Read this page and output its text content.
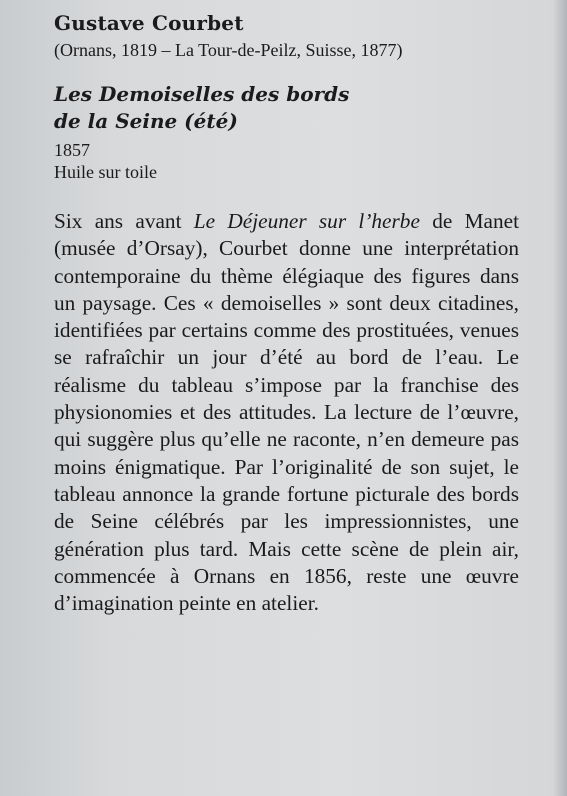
Gustave Courbet

(Ornans, 1819 – La Tour-de-Peilz, Suisse, 1877)

Les Demoiselles des bords
de la Seine (été)

1857

Huile sur toile

Six ans avant Le Déjeuner sur l’herbe de Manet (musée d’Orsay), Courbet donne une interprétation contemporaine du thème élégiaque des figures dans un paysage. Ces « demoiselles » sont deux citadines, identifiées par certains comme des prostituées, venues se rafraîchir un jour d’été au bord de l’eau. Le réalisme du tableau s’impose par la franchise des physionomies et des attitudes. La lecture de l’œuvre, qui suggère plus qu’elle ne raconte, n’en demeure pas moins énigmatique. Par l’originalité de son sujet, le tableau annonce la grande fortune picturale des bords de Seine célébrés par les impressionnistes, une génération plus tard. Mais cette scène de plein air, commencée à Ornans en 1856, reste une œuvre d’imagination peinte en atelier.
